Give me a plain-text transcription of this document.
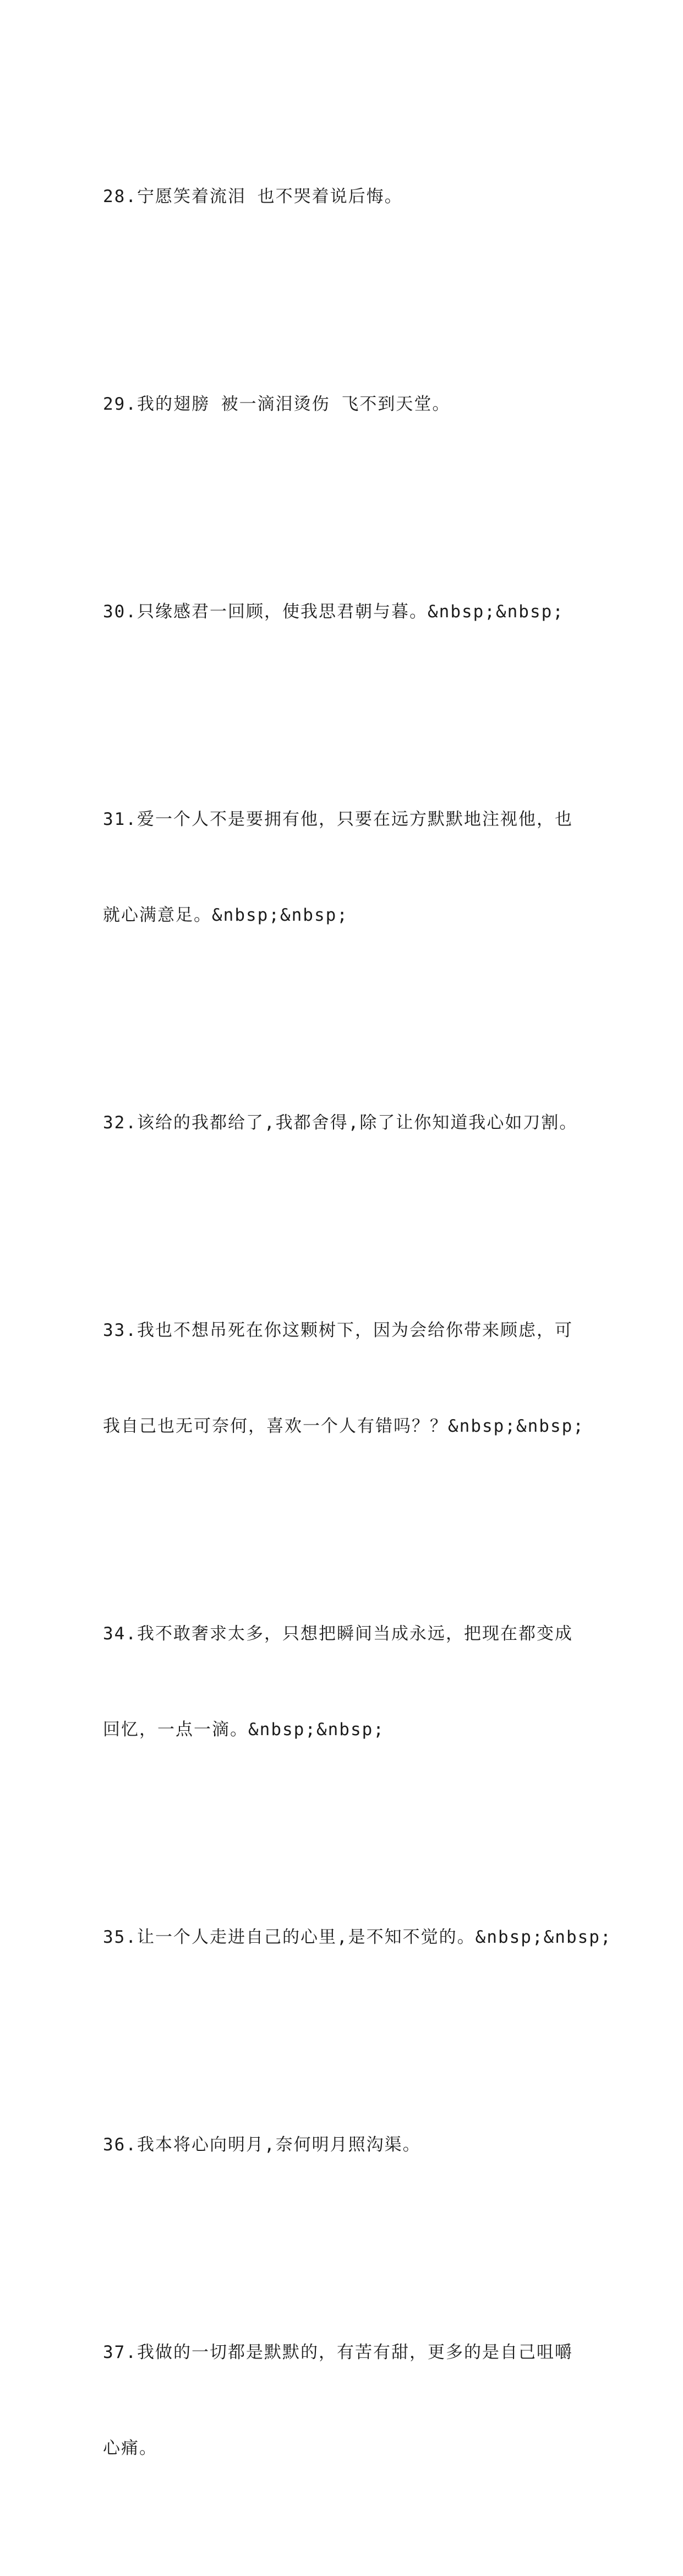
28.宁愿笑着流泪 也不哭着说后悔。

29.我的翅膀 被一滴泪烫伤 飞不到天堂。

30.只缘感君一回顾，使我思君朝与暮。&nbsp;&nbsp;

31.爱一个人不是要拥有他，只要在远方默默地注视他，也

就心满意足。&nbsp;&nbsp;

32.该给的我都给了,我都舍得,除了让你知道我心如刀割。

33.我也不想吊死在你这颗树下，因为会给你带来顾虑，可

我自己也无可奈何，喜欢一个人有错吗？？&nbsp;&nbsp;

34.我不敢奢求太多，只想把瞬间当成永远，把现在都变成

回忆，一点一滴。&nbsp;&nbsp;

35.让一个人走进自己的心里,是不知不觉的。&nbsp;&nbsp;

36.我本将心向明月,奈何明月照沟渠。

37.我做的一切都是默默的，有苦有甜，更多的是自己咀嚼

心痛。
